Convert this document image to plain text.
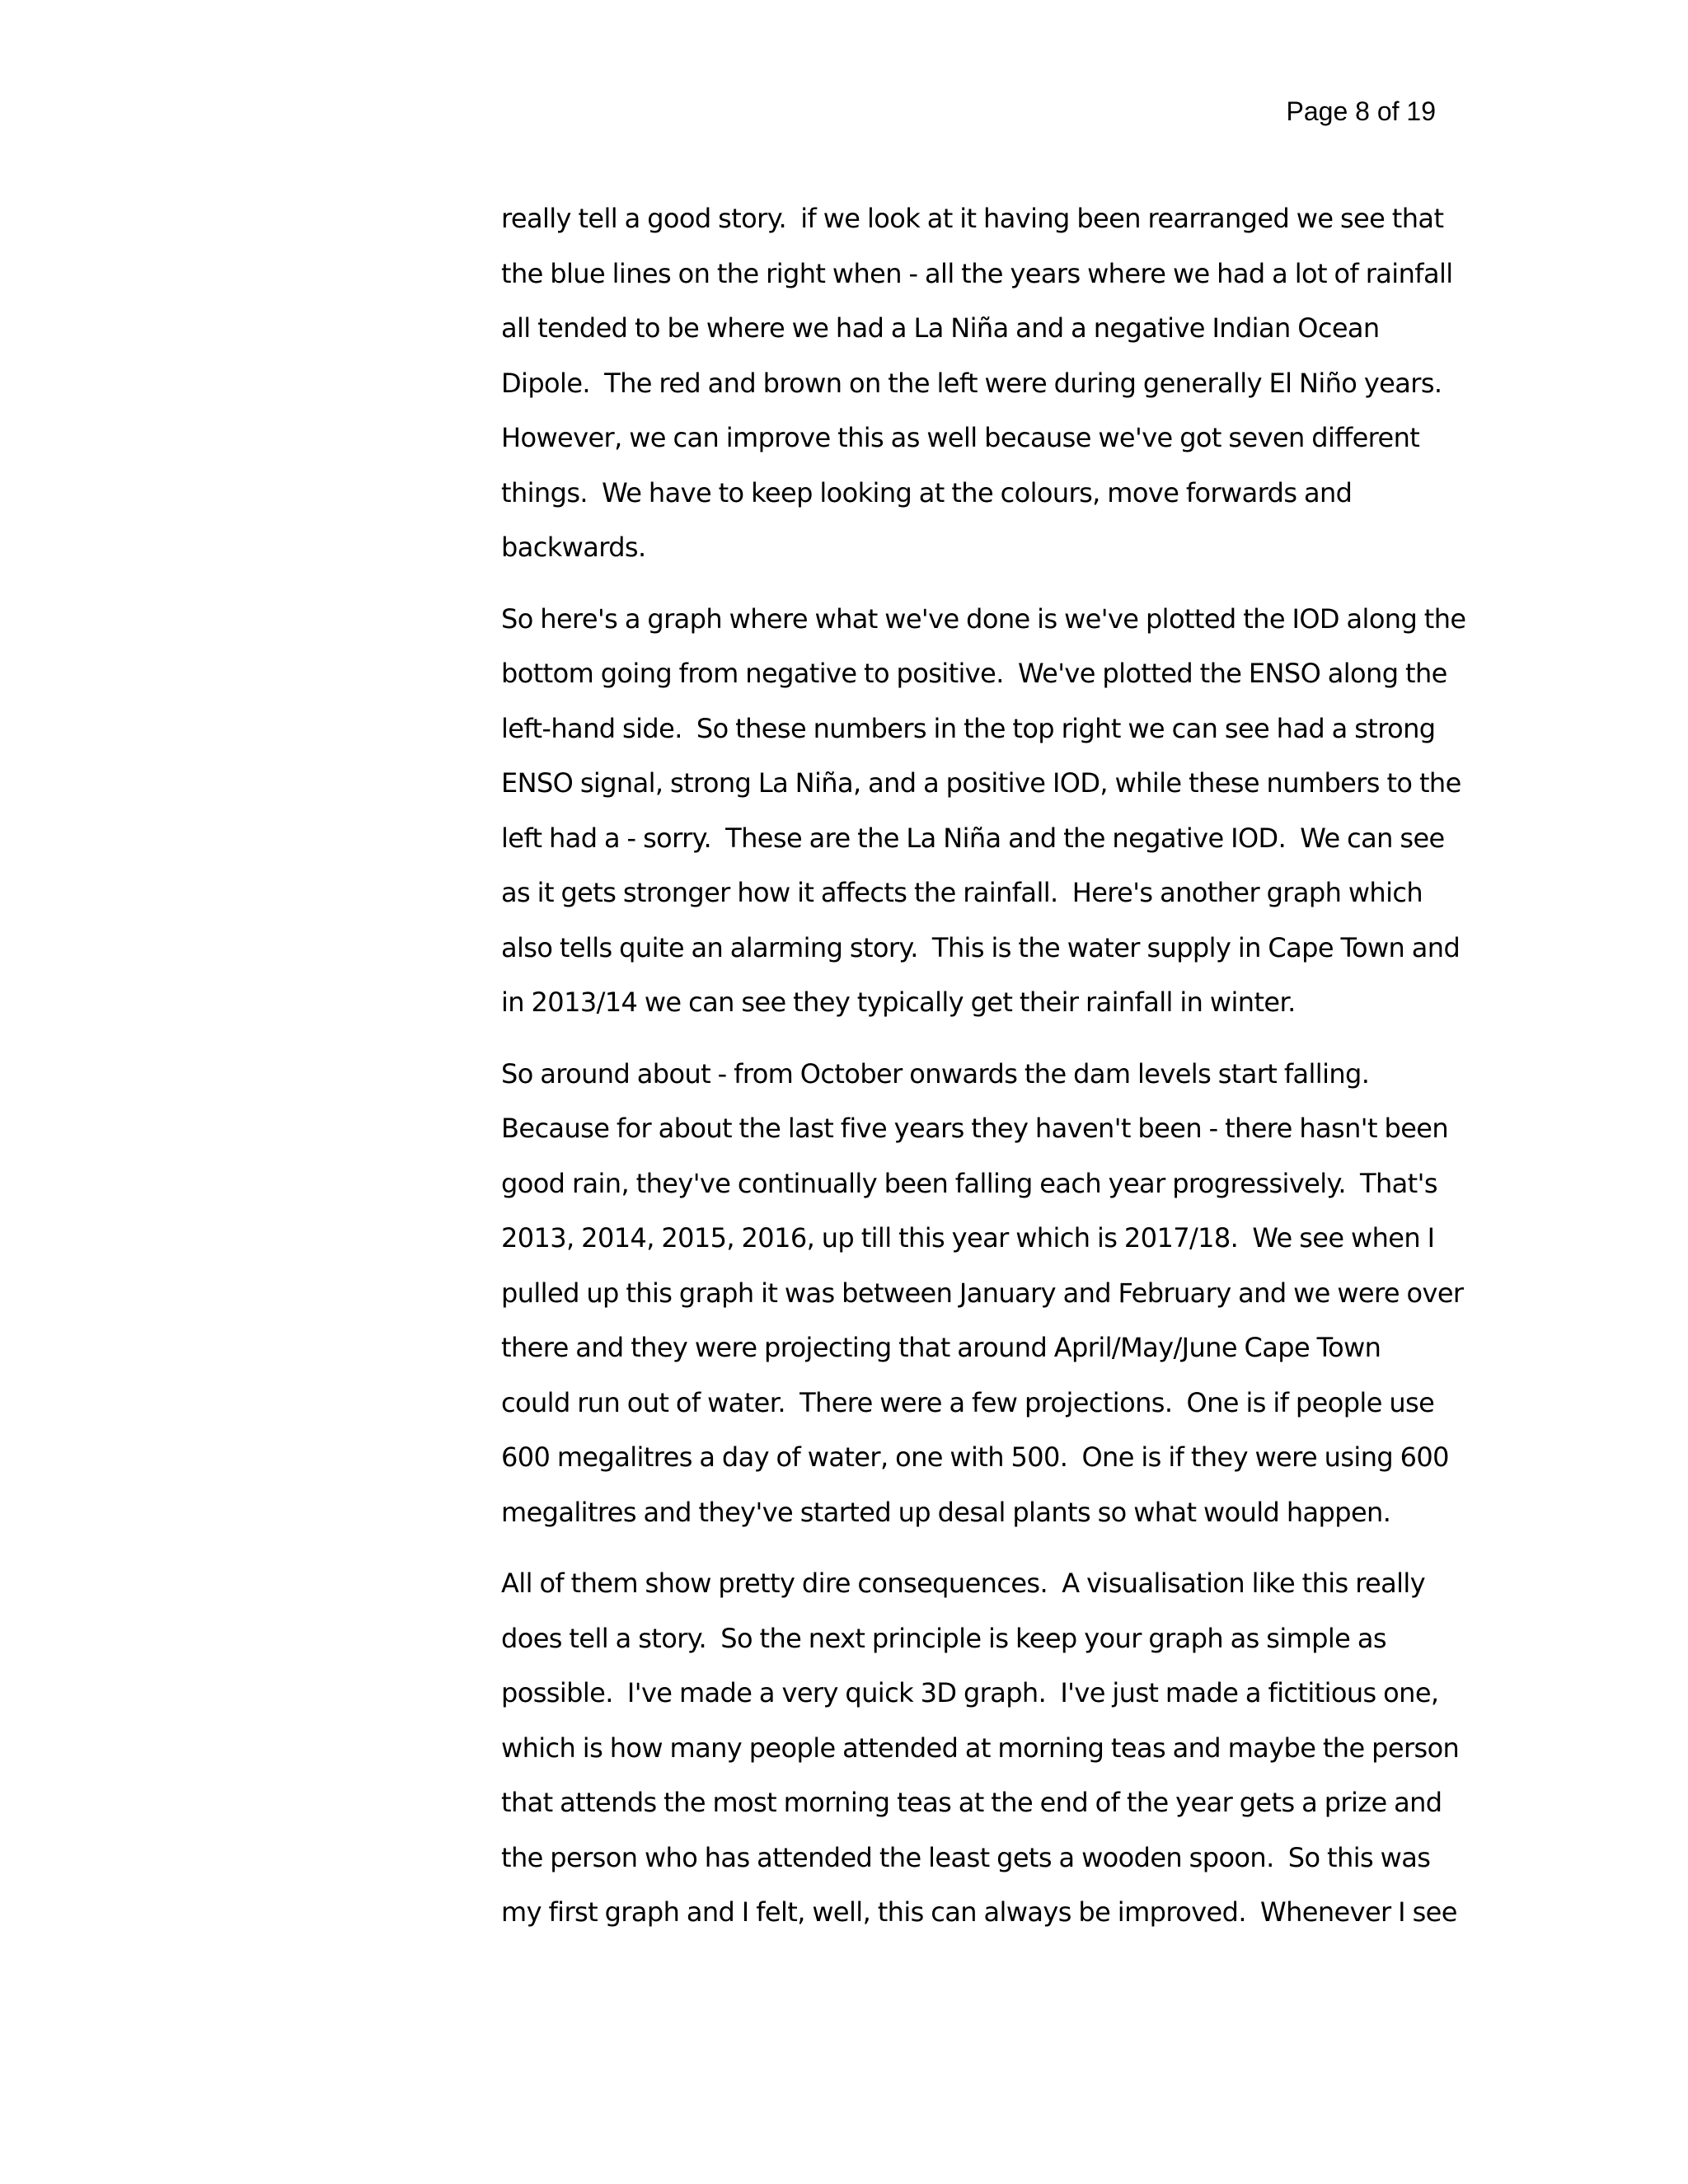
Page 8 of 19
really tell a good story.  if we look at it having been rearranged we see that
the blue lines on the right when - all the years where we had a lot of rainfall
all tended to be where we had a La Niña and a negative Indian Ocean
Dipole.  The red and brown on the left were during generally El Niño years.
However, we can improve this as well because we've got seven different
things.  We have to keep looking at the colours, move forwards and
backwards.
So here's a graph where what we've done is we've plotted the IOD along the
bottom going from negative to positive.  We've plotted the ENSO along the
left-hand side.  So these numbers in the top right we can see had a strong
ENSO signal, strong La Niña, and a positive IOD, while these numbers to the
left had a - sorry.  These are the La Niña and the negative IOD.  We can see
as it gets stronger how it affects the rainfall.  Here's another graph which
also tells quite an alarming story.  This is the water supply in Cape Town and
in 2013/14 we can see they typically get their rainfall in winter.
So around about - from October onwards the dam levels start falling.
Because for about the last five years they haven't been - there hasn't been
good rain, they've continually been falling each year progressively.  That's
2013, 2014, 2015, 2016, up till this year which is 2017/18.  We see when I
pulled up this graph it was between January and February and we were over
there and they were projecting that around April/May/June Cape Town
could run out of water.  There were a few projections.  One is if people use
600 megalitres a day of water, one with 500.  One is if they were using 600
megalitres and they've started up desal plants so what would happen.
All of them show pretty dire consequences.  A visualisation like this really
does tell a story.  So the next principle is keep your graph as simple as
possible.  I've made a very quick 3D graph.  I've just made a fictitious one,
which is how many people attended at morning teas and maybe the person
that attends the most morning teas at the end of the year gets a prize and
the person who has attended the least gets a wooden spoon.  So this was
my first graph and I felt, well, this can always be improved.  Whenever I see
